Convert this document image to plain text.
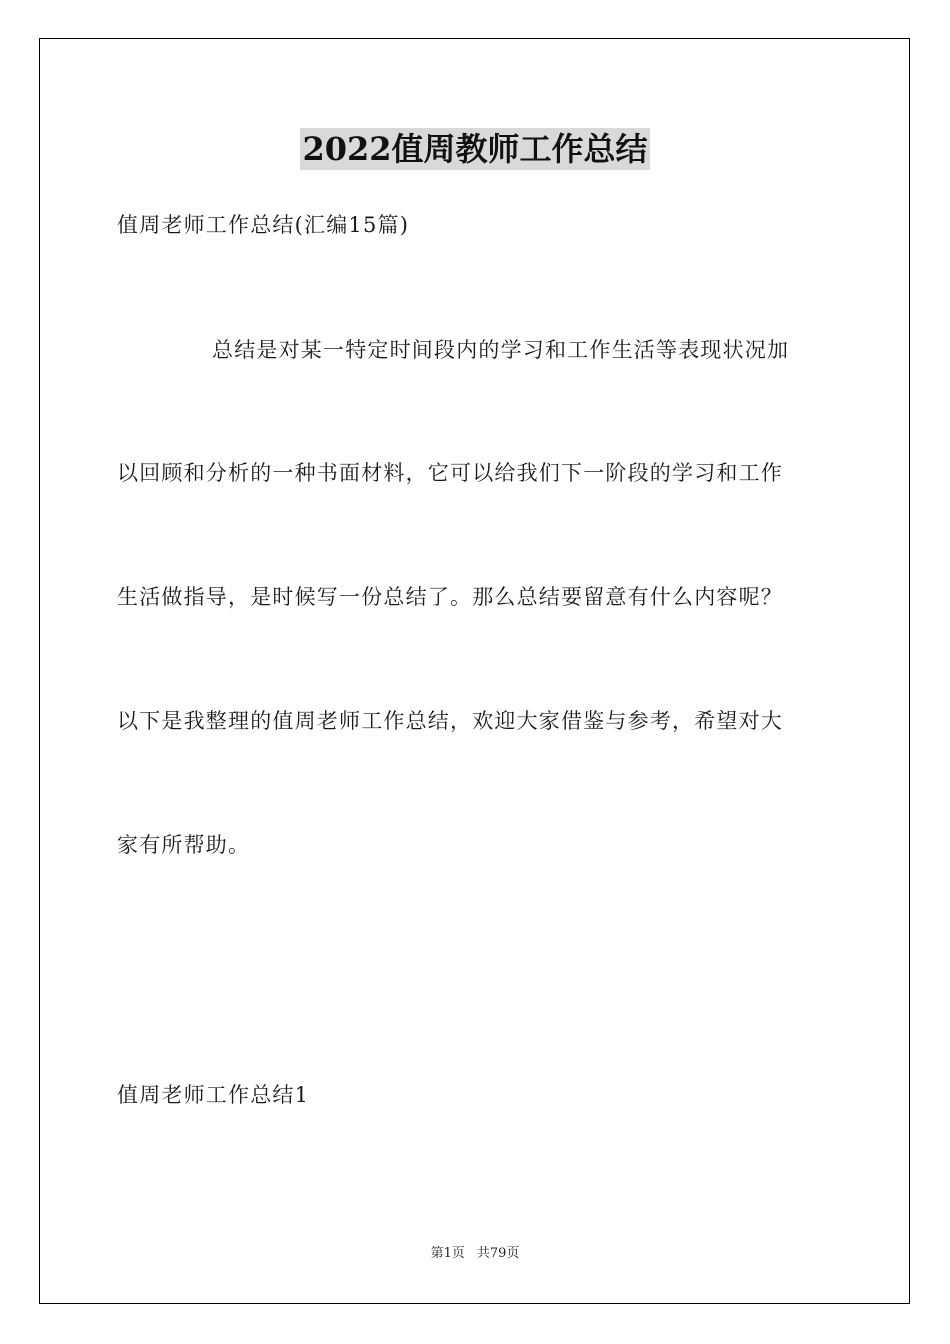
2022值周教师工作总结
值周老师工作总结(汇编15篇)
总结是对某一特定时间段内的学习和工作生活等表现状况加
以回顾和分析的一种书面材料，它可以给我们下一阶段的学习和工作
生活做指导，是时候写一份总结了。那么总结要留意有什么内容呢？
以下是我整理的值周老师工作总结，欢迎大家借鉴与参考，希望对大
家有所帮助。
值周老师工作总结1
第1页 共79页
